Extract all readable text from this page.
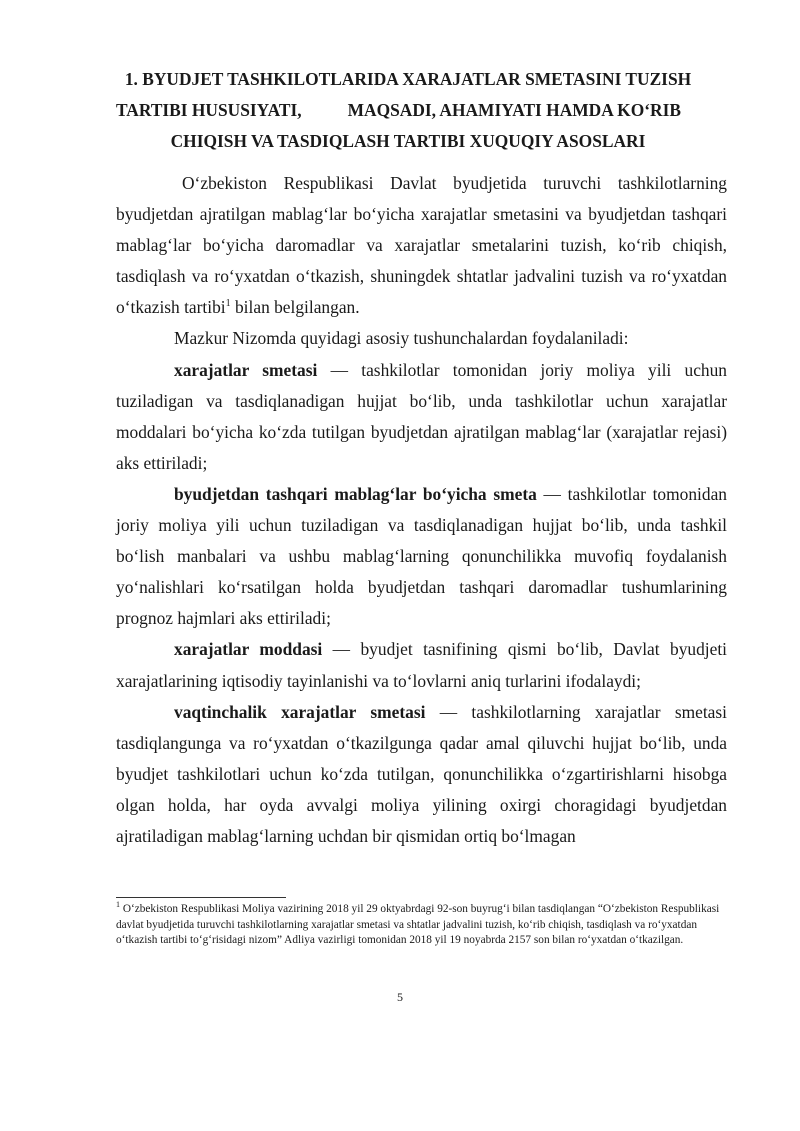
1. BYUDJET TASHKILOTLARIDA XARAJATLAR SMETASINI TUZISH
TARTIBI HUSUSIYATI,	MAQSADI, AHAMIYATI HAMDA KO‘RIB
CHIQISH VA TASDIQLASH TARTIBI XUQUQIY ASOSLARI

O‘zbekiston Respublikasi Davlat byudjetida turuvchi tashkilotlarning byudjetdan ajratilgan mablag‘lar bo‘yicha xarajatlar smetasini va byudjetdan tashqari mablag‘lar bo‘yicha daromadlar va xarajatlar smetalarini tuzish, ko‘rib chiqish, tasdiqlash va ro‘yxatdan o‘tkazish, shuningdek shtatlar jadvalini tuzish va ro‘yxatdan o‘tkazish tartibi$^1$ bilan belgilangan.

Mazkur Nizomda quyidagi asosiy tushunchalardan foydalaniladi:

xarajatlar smetasi — tashkilotlar tomonidan joriy moliya yili uchun tuziladigan va tasdiqlanadigan hujjat bo‘lib, unda tashkilotlar uchun xarajatlar moddalari bo‘yicha ko‘zda tutilgan byudjetdan ajratilgan mablag‘lar (xarajatlar rejasi) aks ettiriladi;

byudjetdan tashqari mablag‘lar bo‘yicha smeta — tashkilotlar tomonidan joriy moliya yili uchun tuziladigan va tasdiqlanadigan hujjat bo‘lib, unda tashkil bo‘lish manbalari va ushbu mablag‘larning qonunchilikka muvofiq foydalanish yo‘nalishlari ko‘rsatilgan holda byudjetdan tashqari daromadlar tushumlarining prognoz hajmlari aks ettiriladi;

xarajatlar moddasi — byudjet tasnifining qismi bo‘lib, Davlat byudjeti xarajatlarining iqtisodiy tayinlanishi va to‘lovlarni aniq turlarini ifodalaydi;

vaqtinchalik xarajatlar smetasi — tashkilotlarning xarajatlar smetasi tasdiqlangunga va ro‘yxatdan o‘tkazilgunga qadar amal qiluvchi hujjat bo‘lib, unda byudjet tashkilotlari uchun ko‘zda tutilgan, qonunchilikka o‘zgartirishlarni hisobga olgan holda, har oyda avvalgi moliya yilining oxirgi choragidagi byudjetdan ajratiladigan mablag‘larning uchdan bir qismidan ortiq bo‘lmagan

$^1$ O‘zbekiston Respublikasi Moliya vazirining 2018 yil 29 oktyabrdagi 92-son buyrug‘i bilan tasdiqlangan “O‘zbekiston Respublikasi davlat byudjetida turuvchi tashkilotlarning xarajatlar smetasi va shtatlar jadvalini tuzish, ko‘rib chiqish, tasdiqlash va ro‘yxatdan o‘tkazish tartibi to‘g‘risidagi nizom” Adliya vazirligi tomonidan 2018 yil 19 noyabrda 2157 son bilan ro‘yxatdan o‘tkazilgan.
5
